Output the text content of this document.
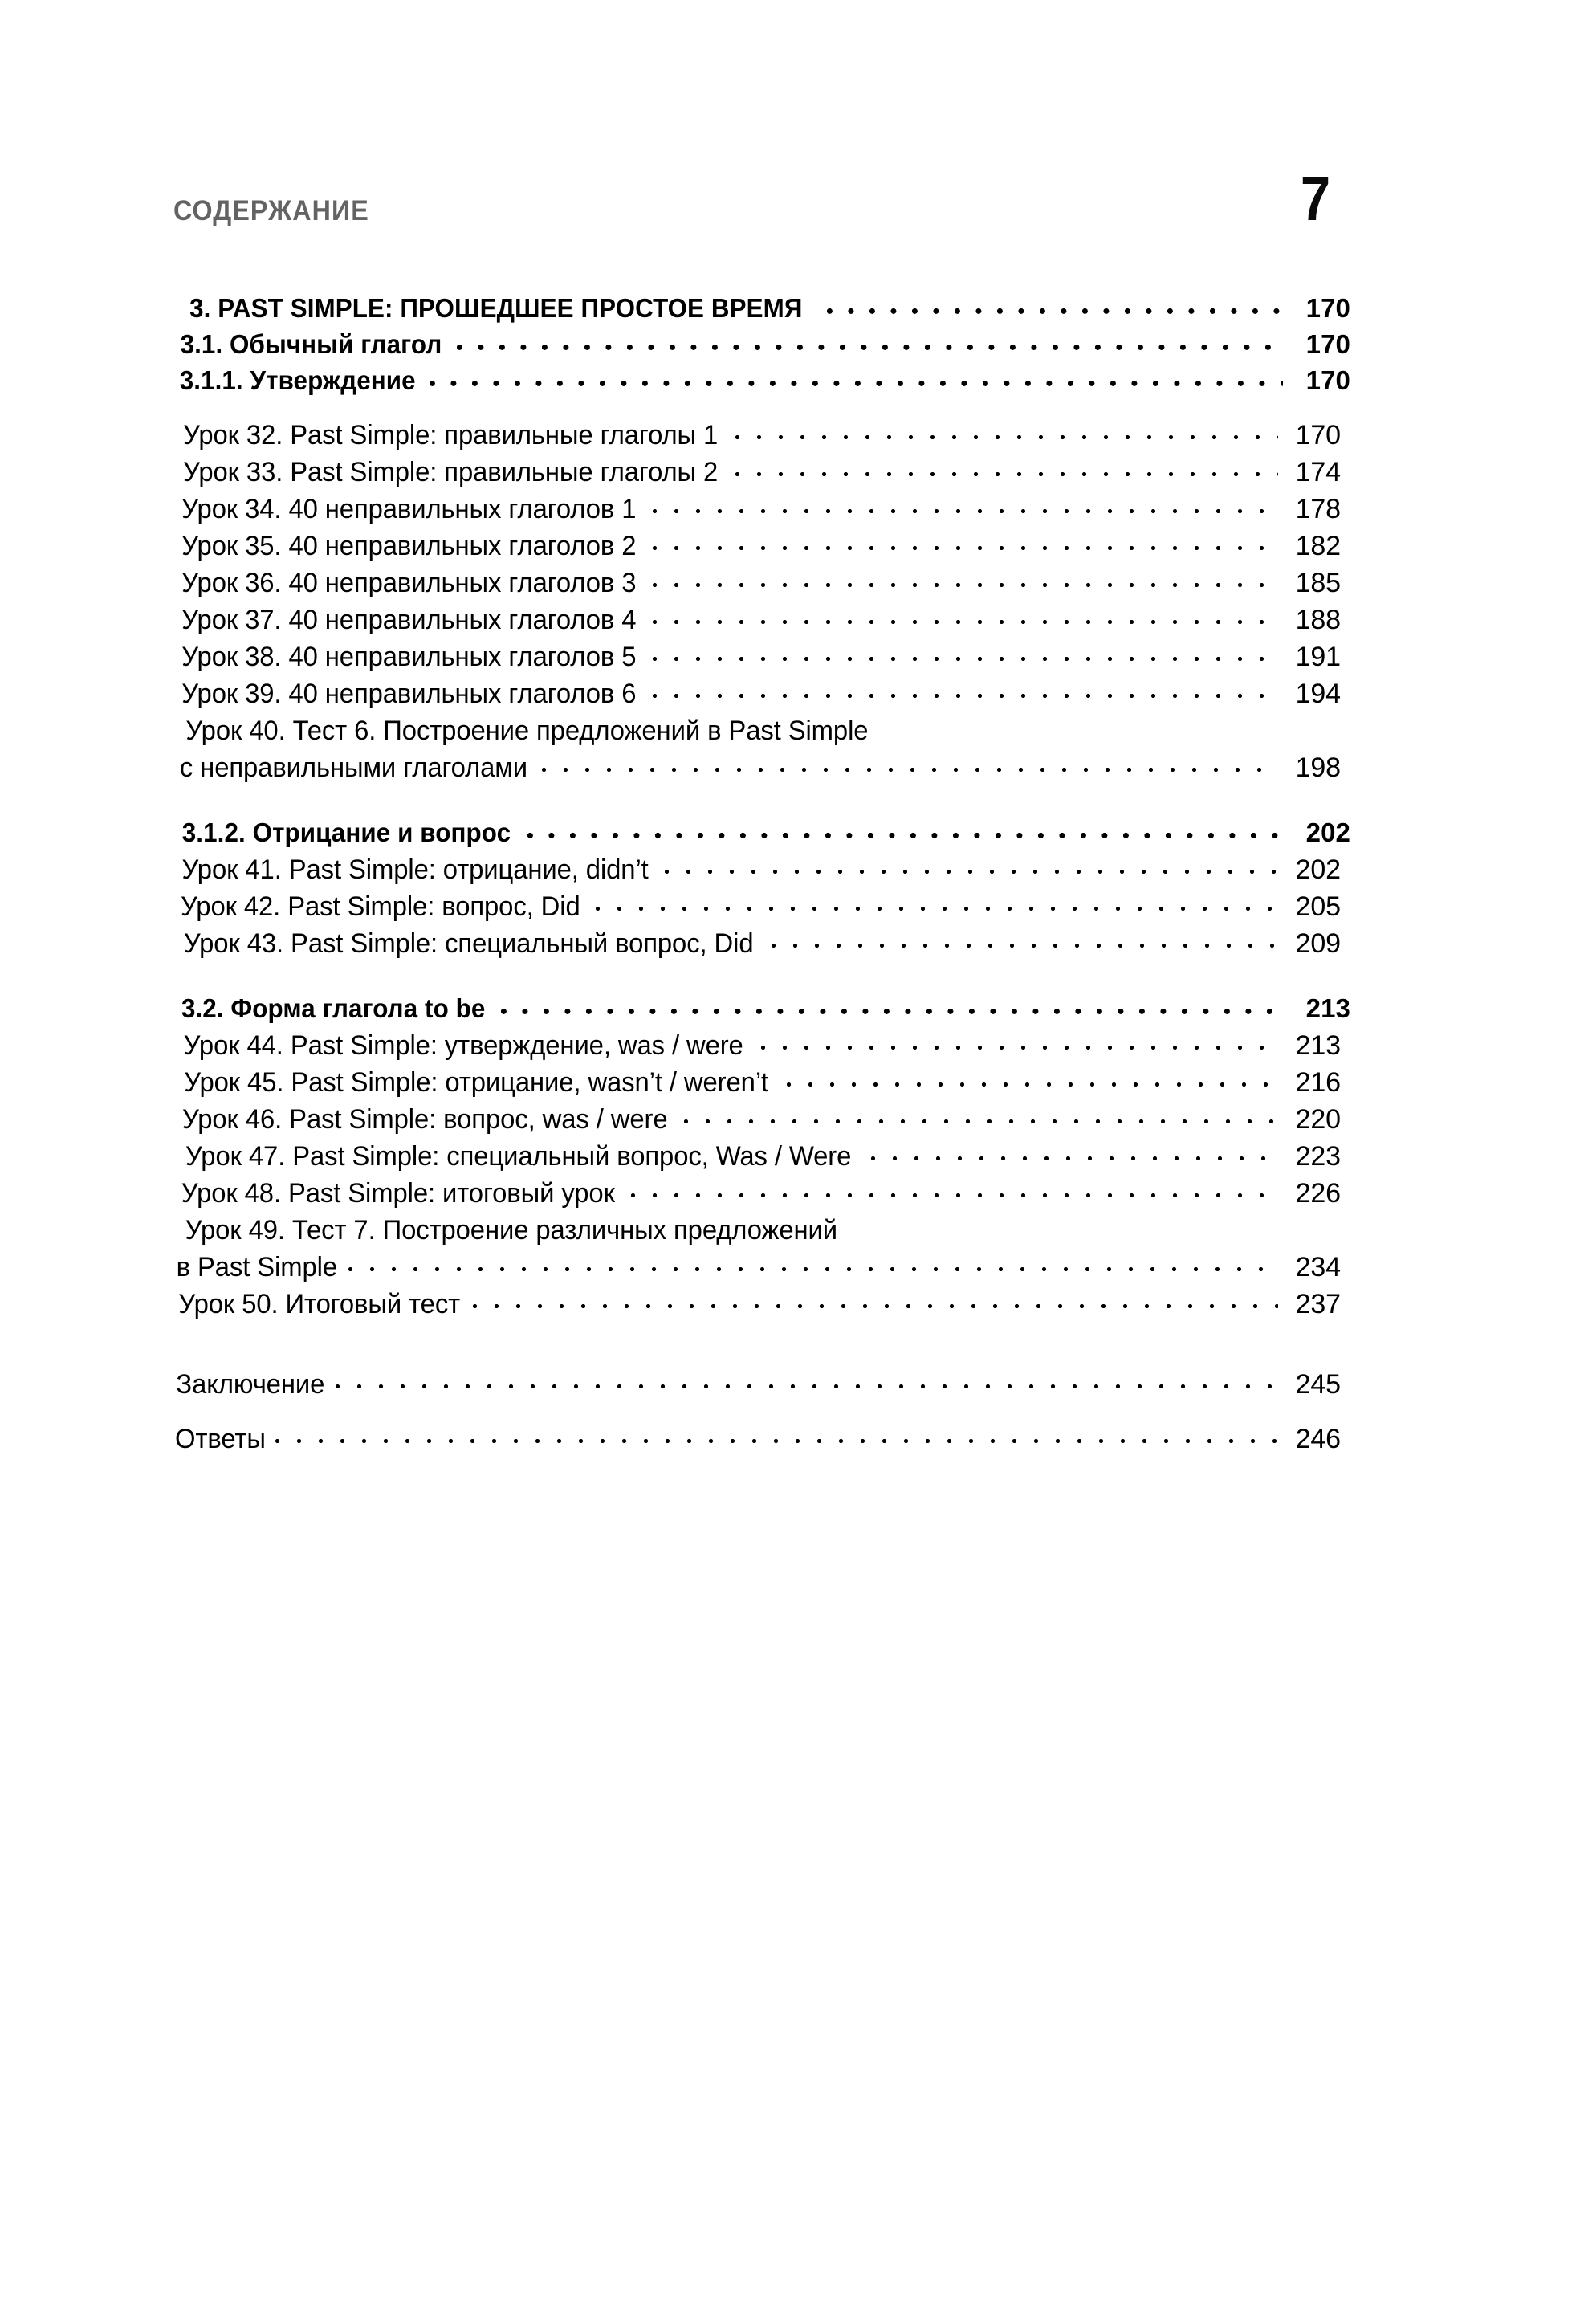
СОДЕРЖАНИЕ	7
3. PAST SIMPLE: ПРОШЕДШЕЕ ПРОСТОЕ ВРЕМЯ	170
3.1. Обычный глагол	170
3.1.1. Утверждение	170
Урок 32. Past Simple: правильные глаголы 1	170
Урок 33. Past Simple: правильные глаголы 2	174
Урок 34. 40 неправильных глаголов 1	178
Урок 35. 40 неправильных глаголов 2	182
Урок 36. 40 неправильных глаголов 3	185
Урок 37. 40 неправильных глаголов 4	188
Урок 38. 40 неправильных глаголов 5	191
Урок 39. 40 неправильных глаголов 6	194
Урок 40. Тест 6. Построение предложений в Past Simple
с неправильными глаголами	198
3.1.2. Отрицание и вопрос	202
Урок 41. Past Simple: отрицание, didn’t	202
Урок 42. Past Simple: вопрос, Did	205
Урок 43. Past Simple: специальный вопрос, Did	209
3.2. Форма глагола to be	213
Урок 44. Past Simple: утверждение, was / were	213
Урок 45. Past Simple: отрицание, wasn’t / weren’t	216
Урок 46. Past Simple: вопрос, was / were	220
Урок 47. Past Simple: специальный вопрос, Was / Were	223
Урок 48. Past Simple: итоговый урок	226
Урок 49. Тест 7. Построение различных предложений
в Past Simple	234
Урок 50. Итоговый тест	237
Заключение	245
Ответы	246
